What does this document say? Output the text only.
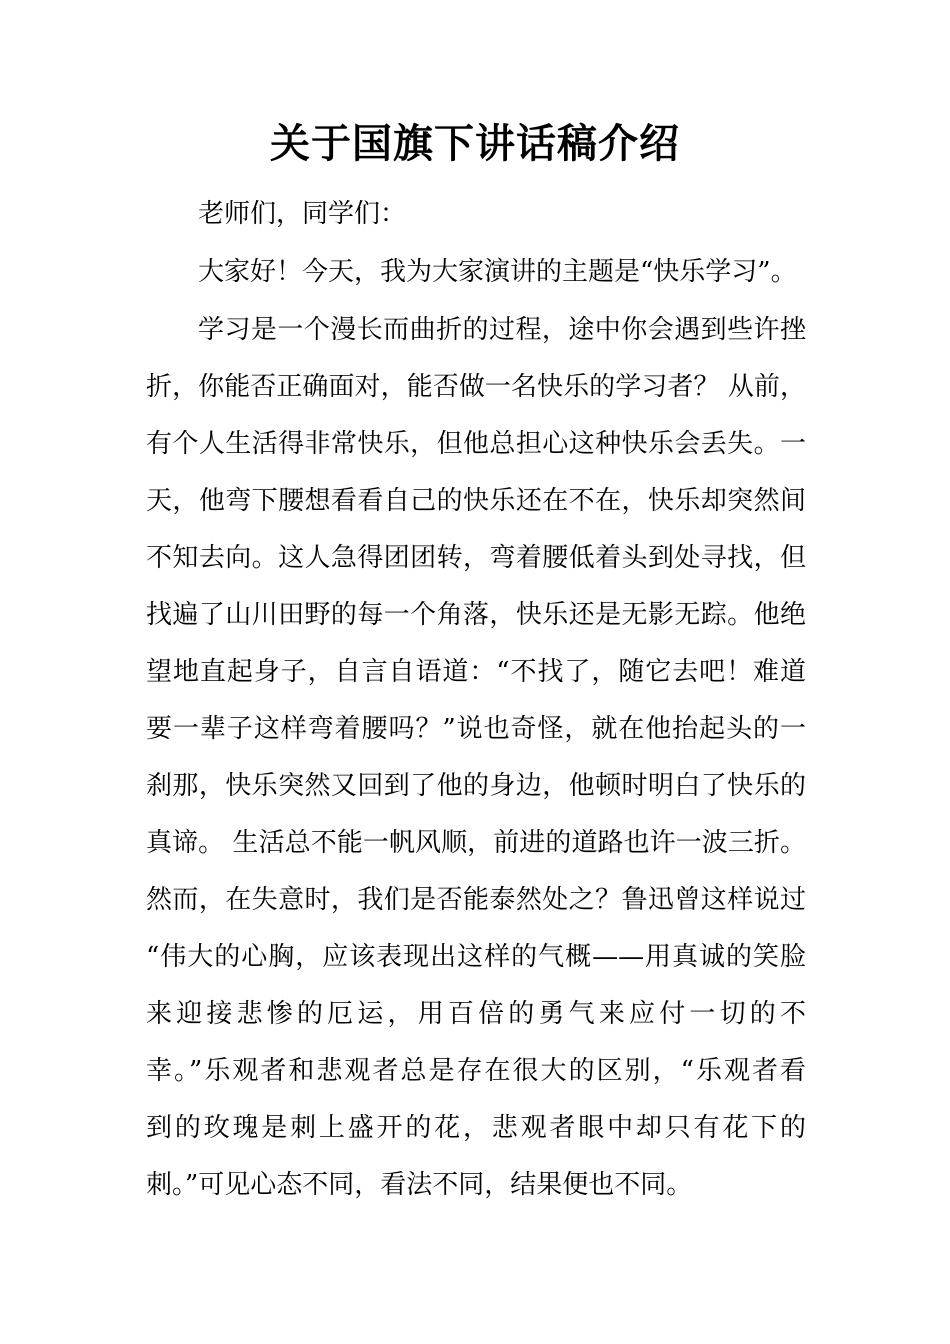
关于国旗下讲话稿介绍
老师们，同学们：
大家好！今天，我为大家演讲的主题是“快乐学习”。
学习是一个漫长而曲折的过程，途中你会遇到些许挫
折，你能否正确面对，能否做一名快乐的学习者？ 从前，
有个人生活得非常快乐，但他总担心这种快乐会丢失。一
天，他弯下腰想看看自己的快乐还在不在，快乐却突然间
不知去向。这人急得团团转，弯着腰低着头到处寻找，但
找遍了山川田野的每一个角落，快乐还是无影无踪。他绝
望地直起身子，自言自语道：“不找了，随它去吧！难道
要一辈子这样弯着腰吗？”说也奇怪，就在他抬起头的一
刹那，快乐突然又回到了他的身边，他顿时明白了快乐的
真谛。 生活总不能一帆风顺，前进的道路也许一波三折。
然而，在失意时，我们是否能泰然处之？鲁迅曾这样说过
“伟大的心胸，应该表现出这样的气概——用真诚的笑脸
来迎接悲惨的厄运，用百倍的勇气来应付一切的不
幸。”乐观者和悲观者总是存在很大的区别，“乐观者看
到的玫瑰是刺上盛开的花，悲观者眼中却只有花下的
刺。”可见心态不同，看法不同，结果便也不同。
